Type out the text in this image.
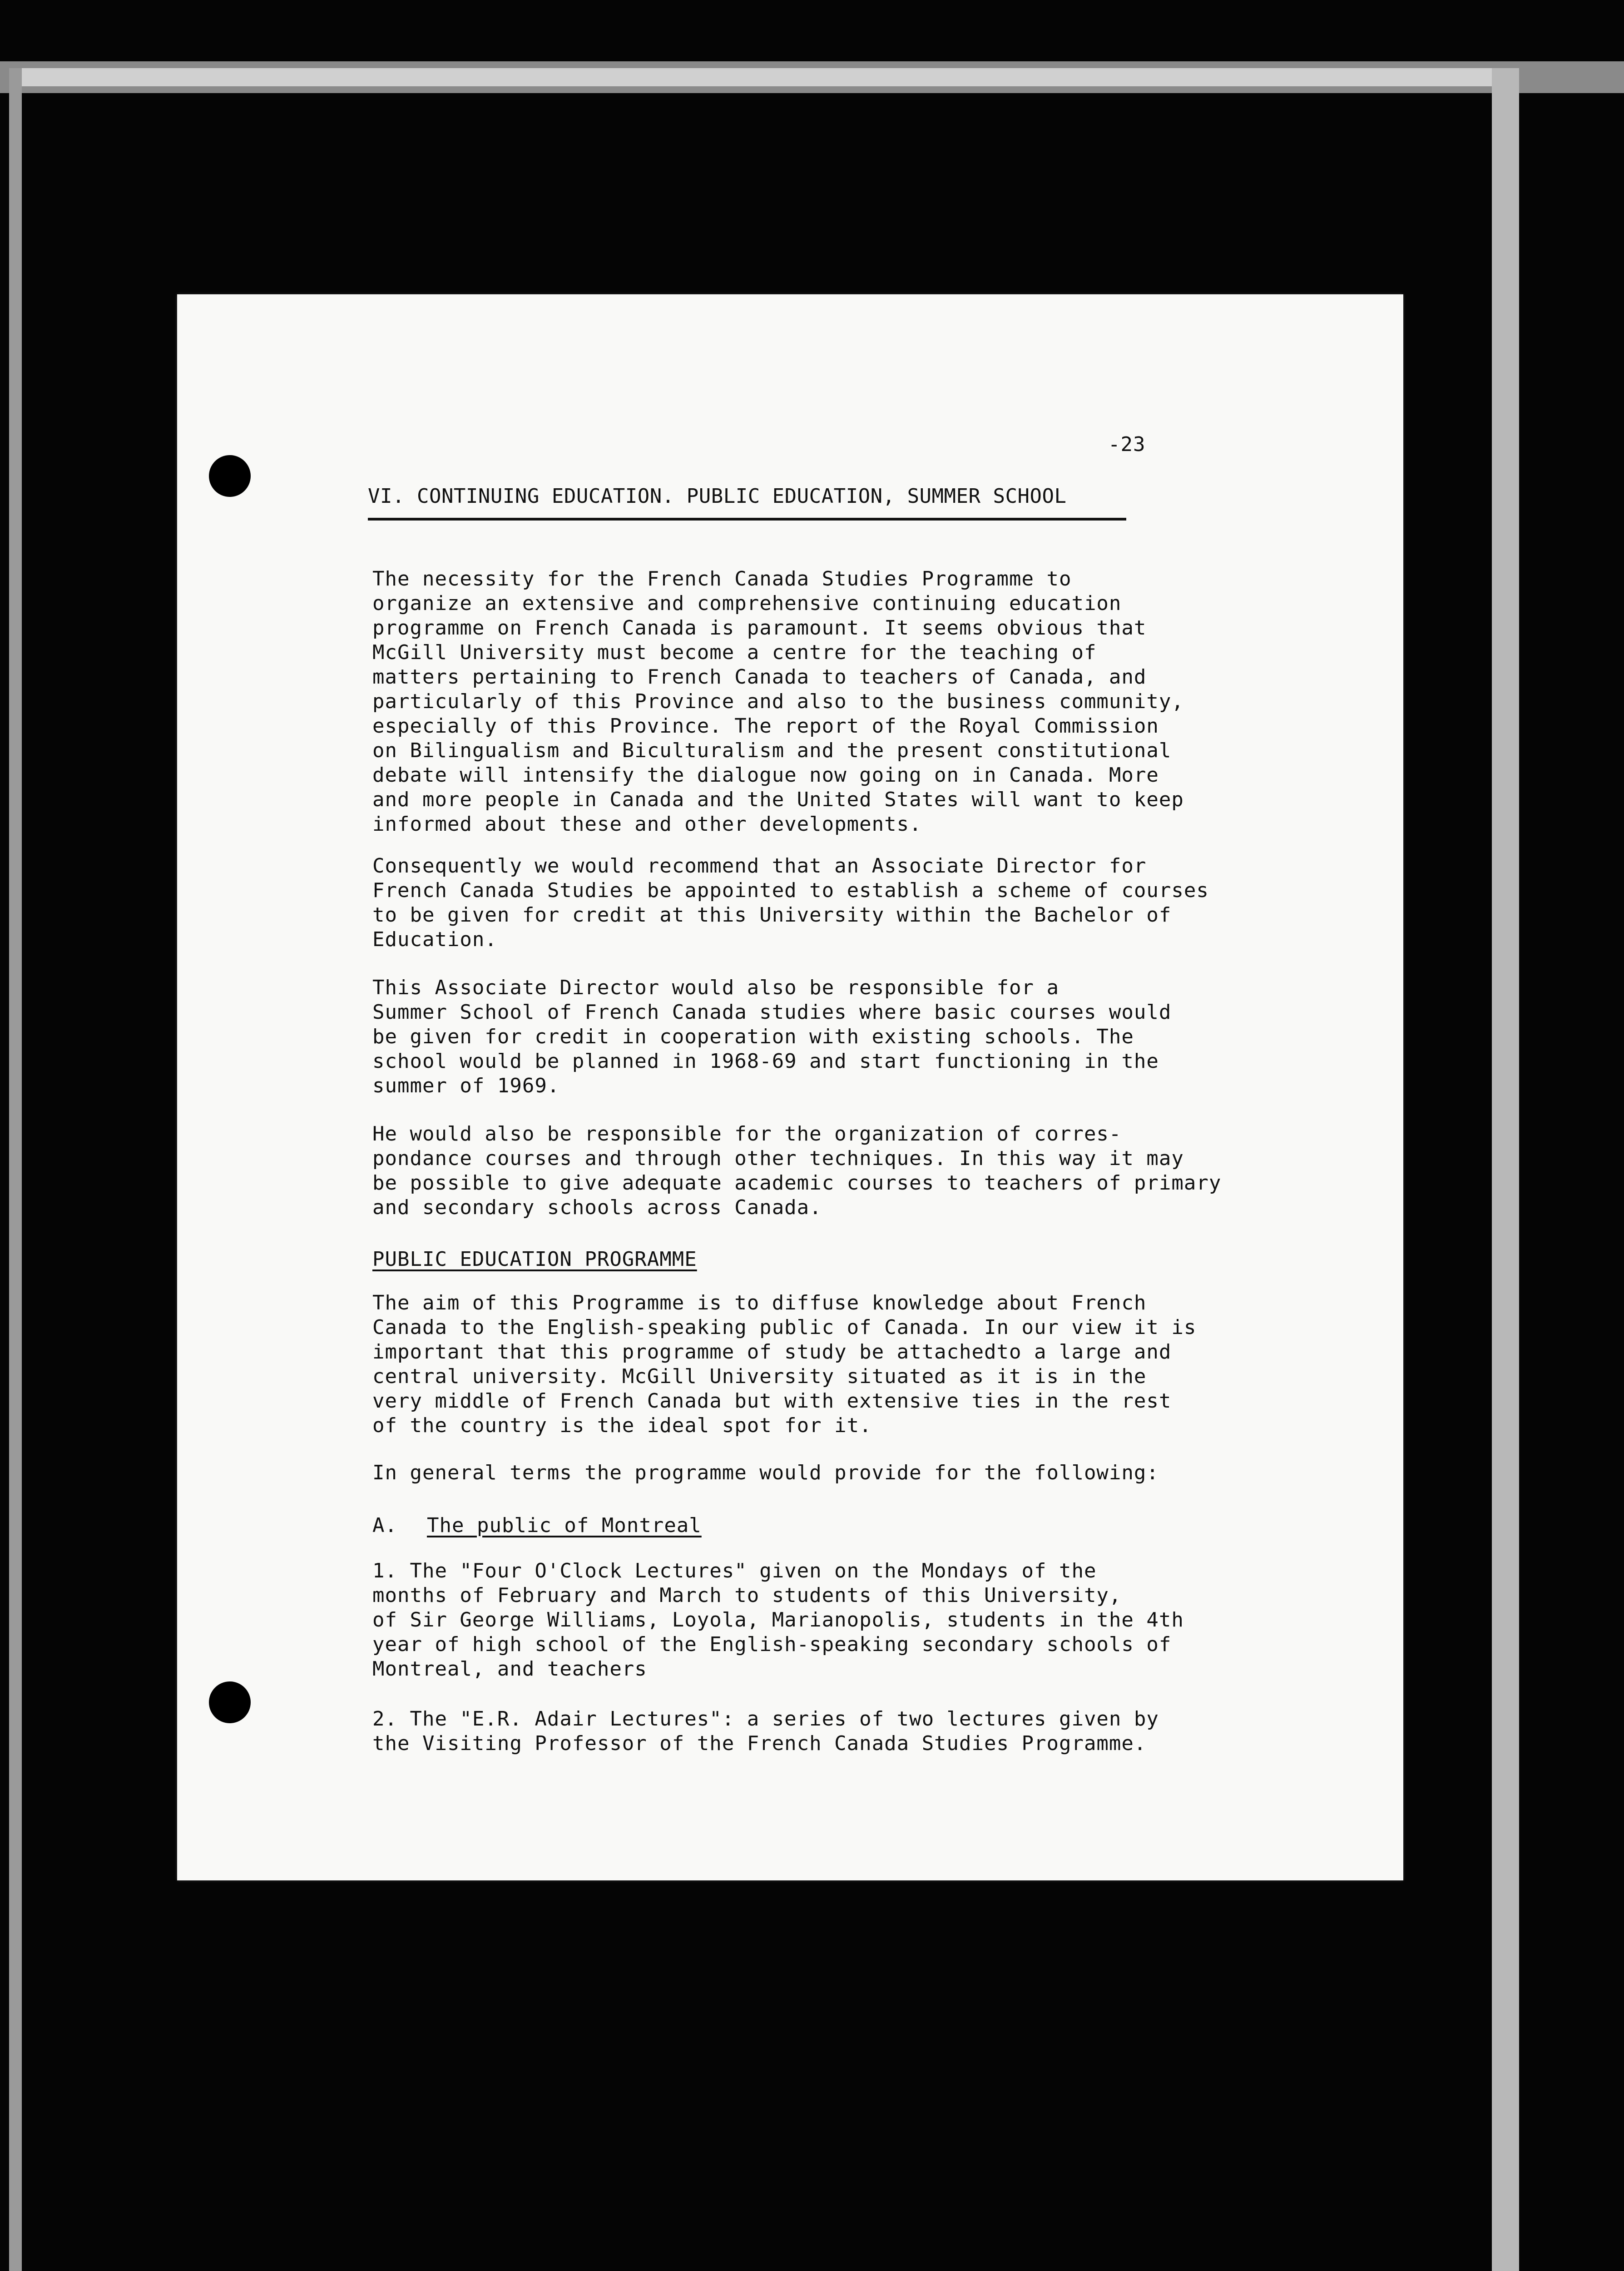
-23
VI. CONTINUING EDUCATION. PUBLIC EDUCATION, SUMMER SCHOOL
The necessity for the French Canada Studies Programme to
organize an extensive and comprehensive continuing education
programme on French Canada is paramount. It seems obvious that
McGill University must become a centre for the teaching of
matters pertaining to French Canada to teachers of Canada, and
particularly of this Province and also to the business community,
especially of this Province. The report of the Royal Commission
on Bilingualism and Biculturalism and the present constitutional
debate will intensify the dialogue now going on in Canada. More
and more people in Canada and the United States will want to keep
informed about these and other developments.
Consequently we would recommend that an Associate Director for
French Canada Studies be appointed to establish a scheme of courses
to be given for credit at this University within the Bachelor of
Education.
This Associate Director would also be responsible for a
Summer School of French Canada studies where basic courses would
be given for credit in cooperation with existing schools. The
school would be planned in 1968-69 and start functioning in the
summer of 1969.
He would also be responsible for the organization of corres-
pondance courses and through other techniques. In this way it may
be possible to give adequate academic courses to teachers of primary
and secondary schools across Canada.
PUBLIC EDUCATION PROGRAMME
The aim of this Programme is to diffuse knowledge about French
Canada to the English-speaking public of Canada. In our view it is
important that this programme of study be attachedto a large and
central university. McGill University situated as it is in the
very middle of French Canada but with extensive ties in the rest
of the country is the ideal spot for it.
In general terms the programme would provide for the following:
A.	The public of Montreal
1. The "Four O'Clock Lectures" given on the Mondays of the
months of February and March to students of this University,
of Sir George Williams, Loyola, Marianopolis, students in the 4th
year of high school of the English-speaking secondary schools of
Montreal, and teachers
2. The "E.R. Adair Lectures": a series of two lectures given by
the Visiting Professor of the French Canada Studies Programme.
